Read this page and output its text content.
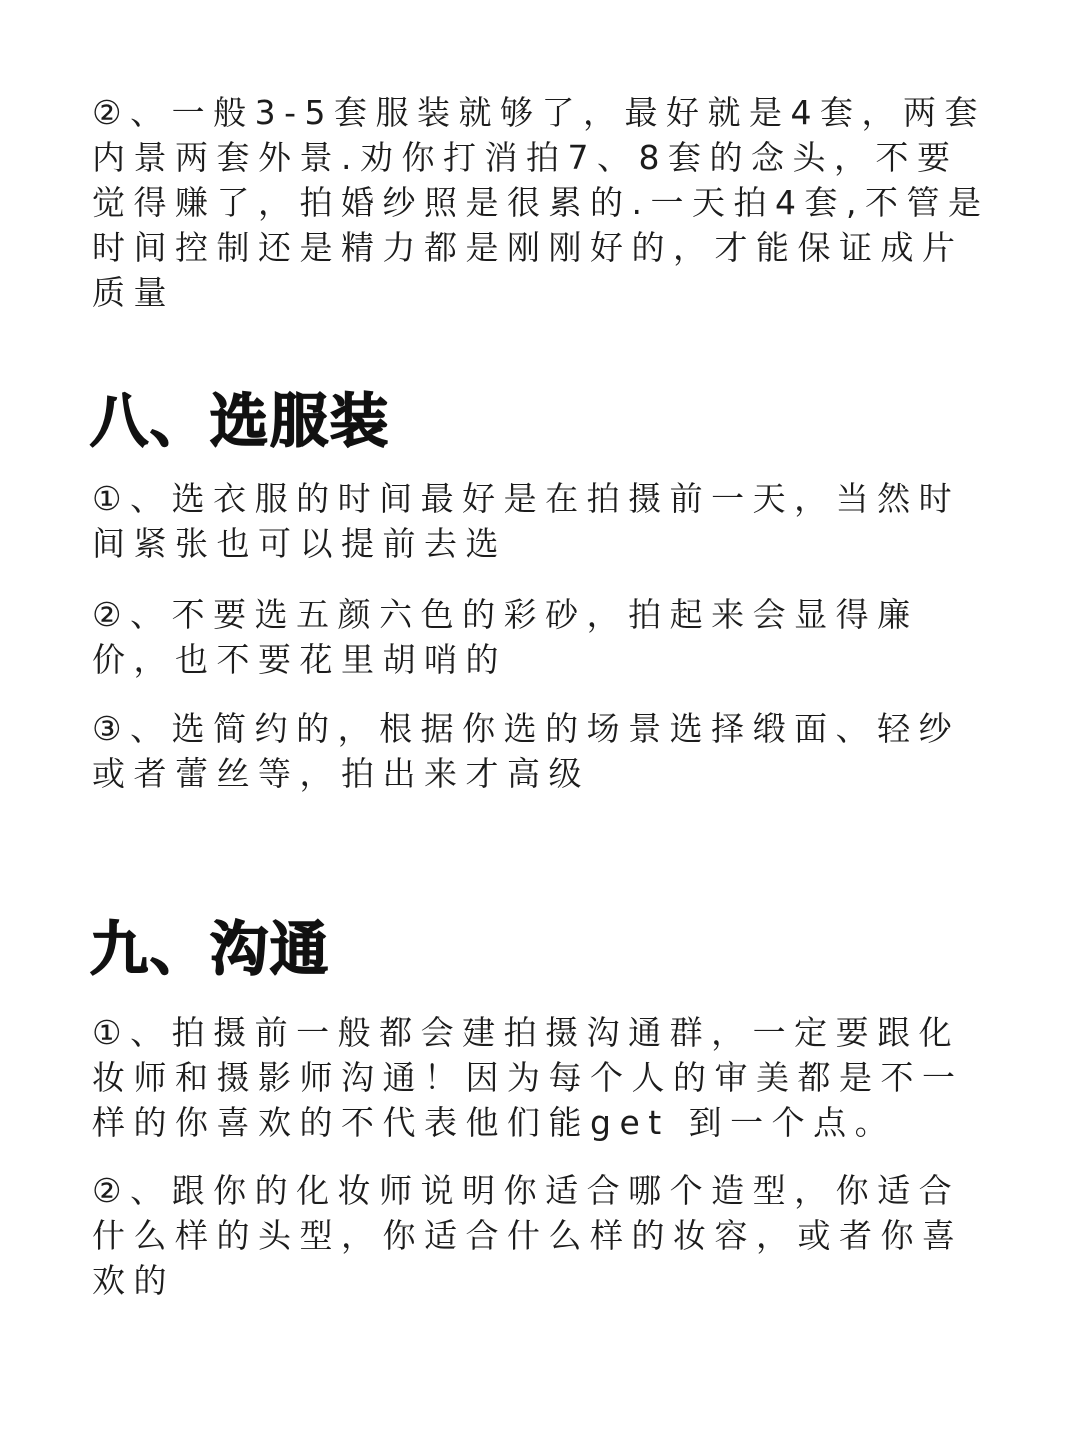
②、一般3-5套服装就够了，最好就是4套，两套内景两套外景.劝你打消拍7、8套的念头，不要觉得赚了，拍婚纱照是很累的.一天拍4套,不管是时间控制还是精力都是刚刚好的，才能保证成片质量

八、选服装

①、选衣服的时间最好是在拍摄前一天，当然时间紧张也可以提前去选

②、不要选五颜六色的彩砂，拍起来会显得廉价，也不要花里胡哨的

③、选简约的，根据你选的场景选择缎面、轻纱或者蕾丝等，拍出来才高级

九、沟通

①、拍摄前一般都会建拍摄沟通群，一定要跟化妆师和摄影师沟通！因为每个人的审美都是不一样的你喜欢的不代表他们能get 到一个点。

②、跟你的化妆师说明你适合哪个造型，你适合什么样的头型，你适合什么样的妆容，或者你喜欢的
